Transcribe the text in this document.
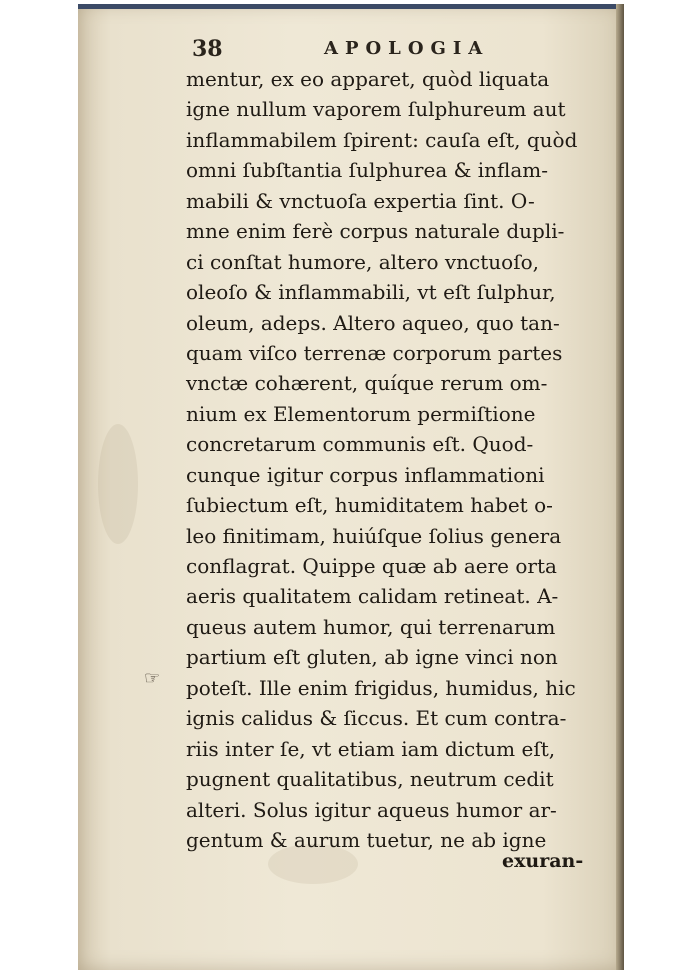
38	APOLOGIA
mentur, ex eo apparet, quòd liquata
igne nullum vaporem ſulphureum aut
inflammabilem ſpirent: cauſa eſt, quòd
omni ſubſtantia ſulphurea & inflam-
mabili & vnctuoſa expertia ſint. O-
mne enim ferè corpus naturale dupli-
ci conſtat humore, altero vnctuoſo,
oleoſo & inflammabili, vt eſt ſulphur,
oleum, adeps. Altero aqueo, quo tan-
quam viſco terrenæ corporum partes
vnctæ cohærent, quíque rerum om-
nium ex Elementorum permiſtione
concretarum communis eſt. Quod-
cunque igitur corpus inflammationi
ſubiectum eſt, humiditatem habet o-
leo finitimam, huiúſque ſolius genera
conflagrat. Quippe quæ ab aere orta
aeris qualitatem calidam retineat. A-
queus autem humor, qui terrenarum
partium eſt gluten, ab igne vinci non
poteſt. Ille enim frigidus, humidus, hic
ignis calidus & ſiccus. Et cum contra-
riis inter ſe, vt etiam iam dictum eſt,
pugnent qualitatibus, neutrum cedit
alteri. Solus igitur aqueus humor ar-
gentum & aurum tuetur, ne ab igne
☞
exuran-
